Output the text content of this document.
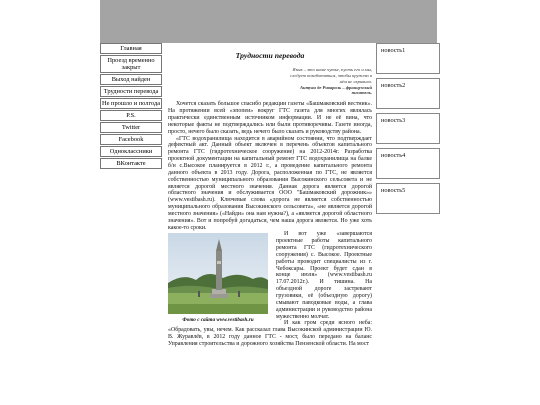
Главная
Проезд временно закрыт
Выход найден
Трудности перевода
Не прошло и полгода
P.S.
Twitter
Facebook
Одноклассники
ВКонтакте
новость1
новость2
новость3
новость4
новость5
Трудности перевода
Язык – это наше чутье, пусть его и мы, следует позаботиться, чтобы кружево в нём не скривили.
Антуан де Ривароль – французский писатель.

Хочется сказать большое спасибо редакции газеты «Башмаковский вестник». На протяжении всей «эпопеи» вокруг ГТС газета для многих являлась практически единственным источником информации. И не её вина, что некоторые факты не подтверждались или были противоречивы. Газете иногда, просто, нечего было сказать, ведь нечего было сказать и руководству района.

«ГТС водохранилища находится в аварийном состоянии, что подтверждает дефектный акт. Данный объект включен в перечень объектов капитального ремонта ГТС (гидротехническое сооружение) на 2012-2014г. Разработка проектной документации на капитальный ремонт ГТС водохранилища на балке б/н с.Высокое планируется в 2012 г., а проведение капитального ремонта данного объекта в 2013 году. Дорога, расположенная по ГТС, не является собственностью муниципального образования Высокинского сельсовета и не является дорогой местного значения. Данная дорога является дорогой областного значения и обслуживается ООО "Башмаковский дорожник»» (www.vestibash.ru). Ключевые слова «дорога не является собственностью муниципального образования Высокинского сельсовета», «не является дорогой местного значения» («Найди» она нам нужна?), а «является дорогой областного значения». Вот и попробуй догадаться, чем наша дорога является. Но уже хоть какое-то сроки.

Фото с сайта www.vestibash.ru

И вот уже «завершаются проектные работы капитального ремонта ГТС (гидротехнического сооружения) с. Высокое. Проектные работы проводит специалисты из г. Чебоксары. Проект будет сдан в конце июля» (www.vestibash.ru 17.07.2012г.). И тишина. На объездной дороге застревают грузовики, её (объездную дорогу) смывают паводковые воды, а глава администрации и руководство района мужественно молчат.

И как гром среди ясного неба: «Обрадовать, увы, нечем. Как рассказал глава Высокинской администрации Ю. В. Журавлёв, в 2012 году данное ГТС - мост, было передано на баланс Управления строительства и дорожного хозяйства Пензенской области. На мост
